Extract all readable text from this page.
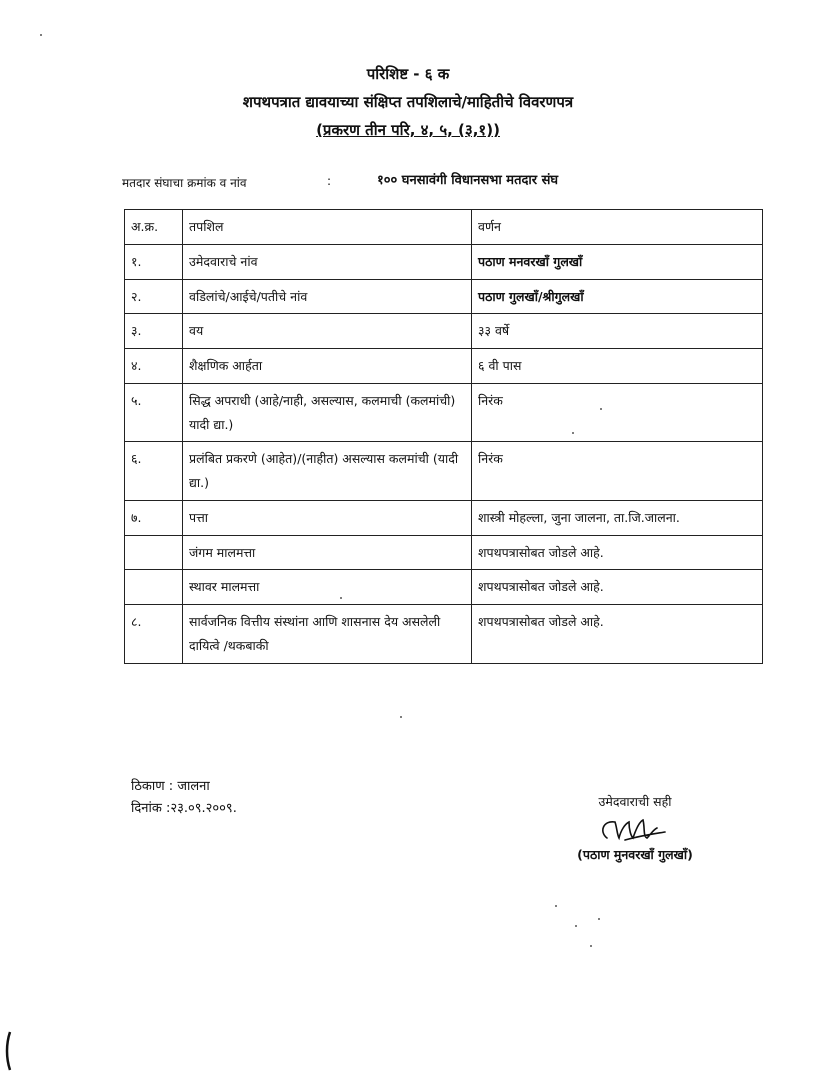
परिशिष्ट - ६ क
शपथपत्रात द्यावयाच्या संक्षिप्त तपशिलाचे/माहितीचे विवरणपत्र
(प्रकरण तीन परि, ४, ५, (३,१))
मतदार संघाचा क्रमांक व नांव	:	१०० घनसावंगी विधानसभा मतदार संघ
अ.क्र.	तपशिल	वर्णन
१.	उमेदवाराचे नांव	पठाण मनवरखाँ गुलखाँ
२.	वडिलांचे/आईचे/पतीचे नांव	पठाण गुलखाँ/श्रीगुलखाँ
३.	वय	३३ वर्षे
४.	शैक्षणिक आर्हता	६ वी पास
५.	सिद्ध अपराधी (आहे/नाही, असल्यास, कलमाची (कलमांची) यादी द्या.)	निरंक
६.	प्रलंबित प्रकरणे (आहेत)/(नाहीत) असल्यास कलमांची (यादी द्या.)	निरंक
७.	पत्ता	शास्त्री मोहल्ला, जुना जालना, ता.जि.जालना.
	जंगम मालमत्ता	शपथपत्रासोबत जोडले आहे.
	स्थावर मालमत्ता	शपथपत्रासोबत जोडले आहे.
८.	सार्वजनिक वित्तीय संस्थांना आणि शासनास देय असलेली दायित्वे /थकबाकी	शपथपत्रासोबत जोडले आहे.
ठिकाण : जालना
दिनांक :२३.०९.२००९.	उमेदवाराची सही
(पठाण मुनवरखाँ गुलखाँ)
